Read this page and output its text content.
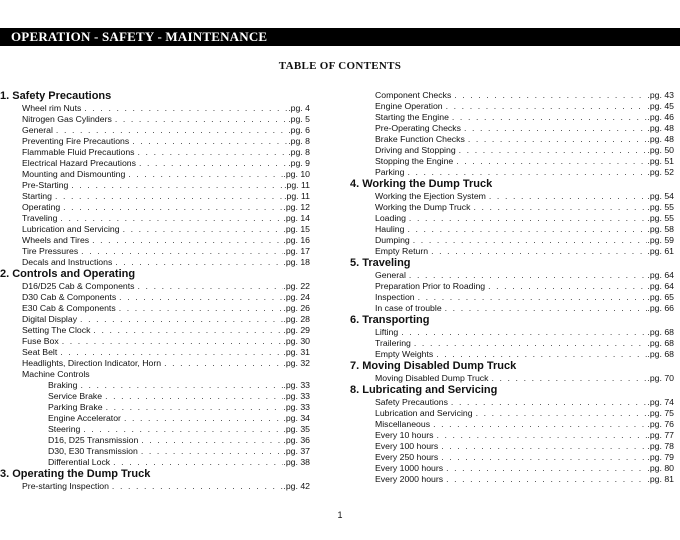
OPERATION - SAFETY - MAINTENANCE
TABLE OF CONTENTS
1. Safety Precautions
Wheel rim Nuts . . .	.pg. 4
Nitrogen Gas Cylinders . . .	.pg. 5
General . . .	.pg. 6
Preventing Fire Precautions . . .	.pg. 8
Flammable Fluid Precautions . . .	.pg. 8
Electrical Hazard Precautions . . .	.pg. 9
Mounting and Dismounting . . .	.pg. 10
Pre-Starting . . .	.pg. 11
Starting . . .	.pg. 11
Operating . . .	.pg. 12
Traveling . . .	.pg. 14
Lubrication and Servicing . . .	.pg. 15
Wheels and Tires . . .	.pg. 16
Tire Pressures . . .	.pg. 17
Decals and Instructions . . .	.pg. 18
2. Controls and Operating
D16/D25 Cab & Components . . .	.pg. 22
D30 Cab & Components . . .	.pg. 24
E30 Cab & Components . . .	.pg. 26
Digital Display . . .	.pg. 28
Setting The Clock . . .	.pg. 29
Fuse Box . . .	.pg. 30
Seat Belt . . .	.pg. 31
Headlights, Direction Indicator, Horn . . .	.pg. 32
Machine Controls
Braking . . .	.pg. 33
Service Brake . . .	.pg. 33
Parking Brake . . .	.pg. 33
Engine Accelerator . . .	.pg. 34
Steering . . .	.pg. 35
D16, D25 Transmission . . .	.pg. 36
D30, E30 Transmission . . .	.pg. 37
Differential Lock . . .	.pg. 38
3. Operating the Dump Truck
Pre-starting Inspection . . .	.pg. 42
Component Checks . . .	.pg. 43
Engine Operation . . .	.pg. 45
Starting the Engine . . .	.pg. 46
Pre-Operating Checks . . .	.pg. 48
Brake Function Checks . . .	.pg. 48
Driving and Stopping . . .	.pg. 50
Stopping the Engine . . .	.pg. 51
Parking . . .	.pg. 52
4. Working the Dump Truck
Working the Ejection System . . .	.pg. 54
Working the Dump Truck . . .	.pg. 55
Loading . . .	.pg. 55
Hauling . . .	.pg. 58
Dumping . . .	.pg. 59
Empty Return . . .	.pg. 61
5. Traveling
General . . .	.pg. 64
Preparation Prior to Roading . . .	.pg. 64
Inspection . . .	.pg. 65
In case of trouble . . .	.pg. 66
6. Transporting
Lifting . . .	.pg. 68
Trailering . . .	.pg. 68
Empty Weights . . .	.pg. 68
7. Moving Disabled Dump Truck
Moving Disabled Dump Truck . . .	.pg. 70
8. Lubricating and Servicing
Safety Precautions . . .	.pg. 74
Lubrication and Servicing . . .	.pg. 75
Miscellaneous . . .	.pg. 76
Every 10 hours . . .	.pg. 77
Every 100 hours . . .	.pg. 78
Every 250 hours . . .	.pg. 79
Every 1000 hours . . .	.pg. 80
Every 2000 hours . . .	.pg. 81
1
